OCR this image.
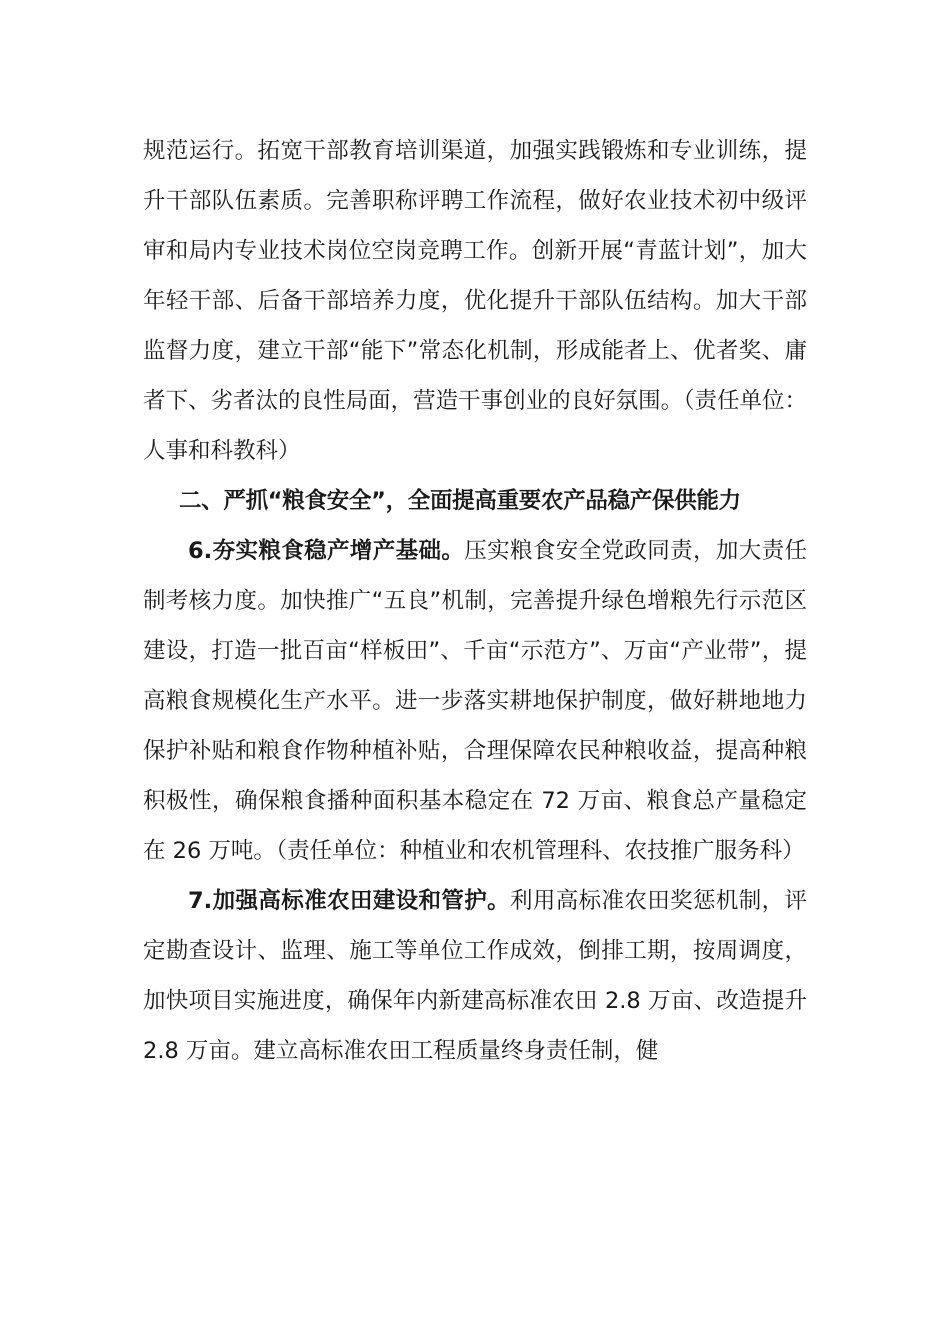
规范运行。拓宽干部教育培训渠道，加强实践锻炼和专业训练，提升干部队伍素质。完善职称评聘工作流程，做好农业技术初中级评审和局内专业技术岗位空岗竞聘工作。创新开展“青蓝计划”，加大年轻干部、后备干部培养力度，优化提升干部队伍结构。加大干部监督力度，建立干部“能下”常态化机制，形成能者上、优者奖、庸者下、劣者汰的良性局面，营造干事创业的良好氛围。（责任单位：人事和科教科）

二、严抓“粮食安全”，全面提高重要农产品稳产保供能力

6.夯实粮食稳产增产基础。压实粮食安全党政同责，加大责任制考核力度。加快推广“五良”机制，完善提升绿色增粮先行示范区建设，打造一批百亩“样板田”、千亩“示范方”、万亩“产业带”，提高粮食规模化生产水平。进一步落实耕地保护制度，做好耕地地力保护补贴和粮食作物种植补贴，合理保障农民种粮收益，提高种粮积极性，确保粮食播种面积基本稳定在 72 万亩、粮食总产量稳定在 26 万吨。（责任单位：种植业和农机管理科、农技推广服务科）

7.加强高标准农田建设和管护。利用高标准农田奖惩机制，评定勘查设计、监理、施工等单位工作成效，倒排工期，按周调度，加快项目实施进度，确保年内新建高标准农田 2.8 万亩、改造提升 2.8 万亩。建立高标准农田工程质量终身责任制，健
